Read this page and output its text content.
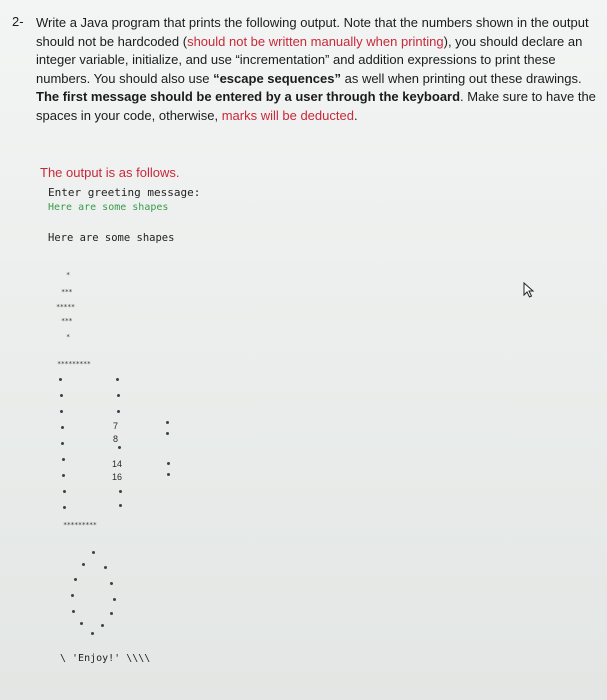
2- Write a Java program that prints the following output. Note that the numbers shown in the output should not be hardcoded (should not be written manually when printing), you should declare an integer variable, initialize, and use “incrementation” and addition expressions to print these numbers. You should also use “escape sequences” as well when printing out these drawings. The first message should be entered by a user through the keyboard. Make sure to have the spaces in your code, otherwise, marks will be deducted.
The output is as follows.
Enter greeting message:
Here are some shapes
Here are some shapes
*
***
*****
***
*
*********
*********
7
8
14
16
\ 'Enjoy!' \\\\
